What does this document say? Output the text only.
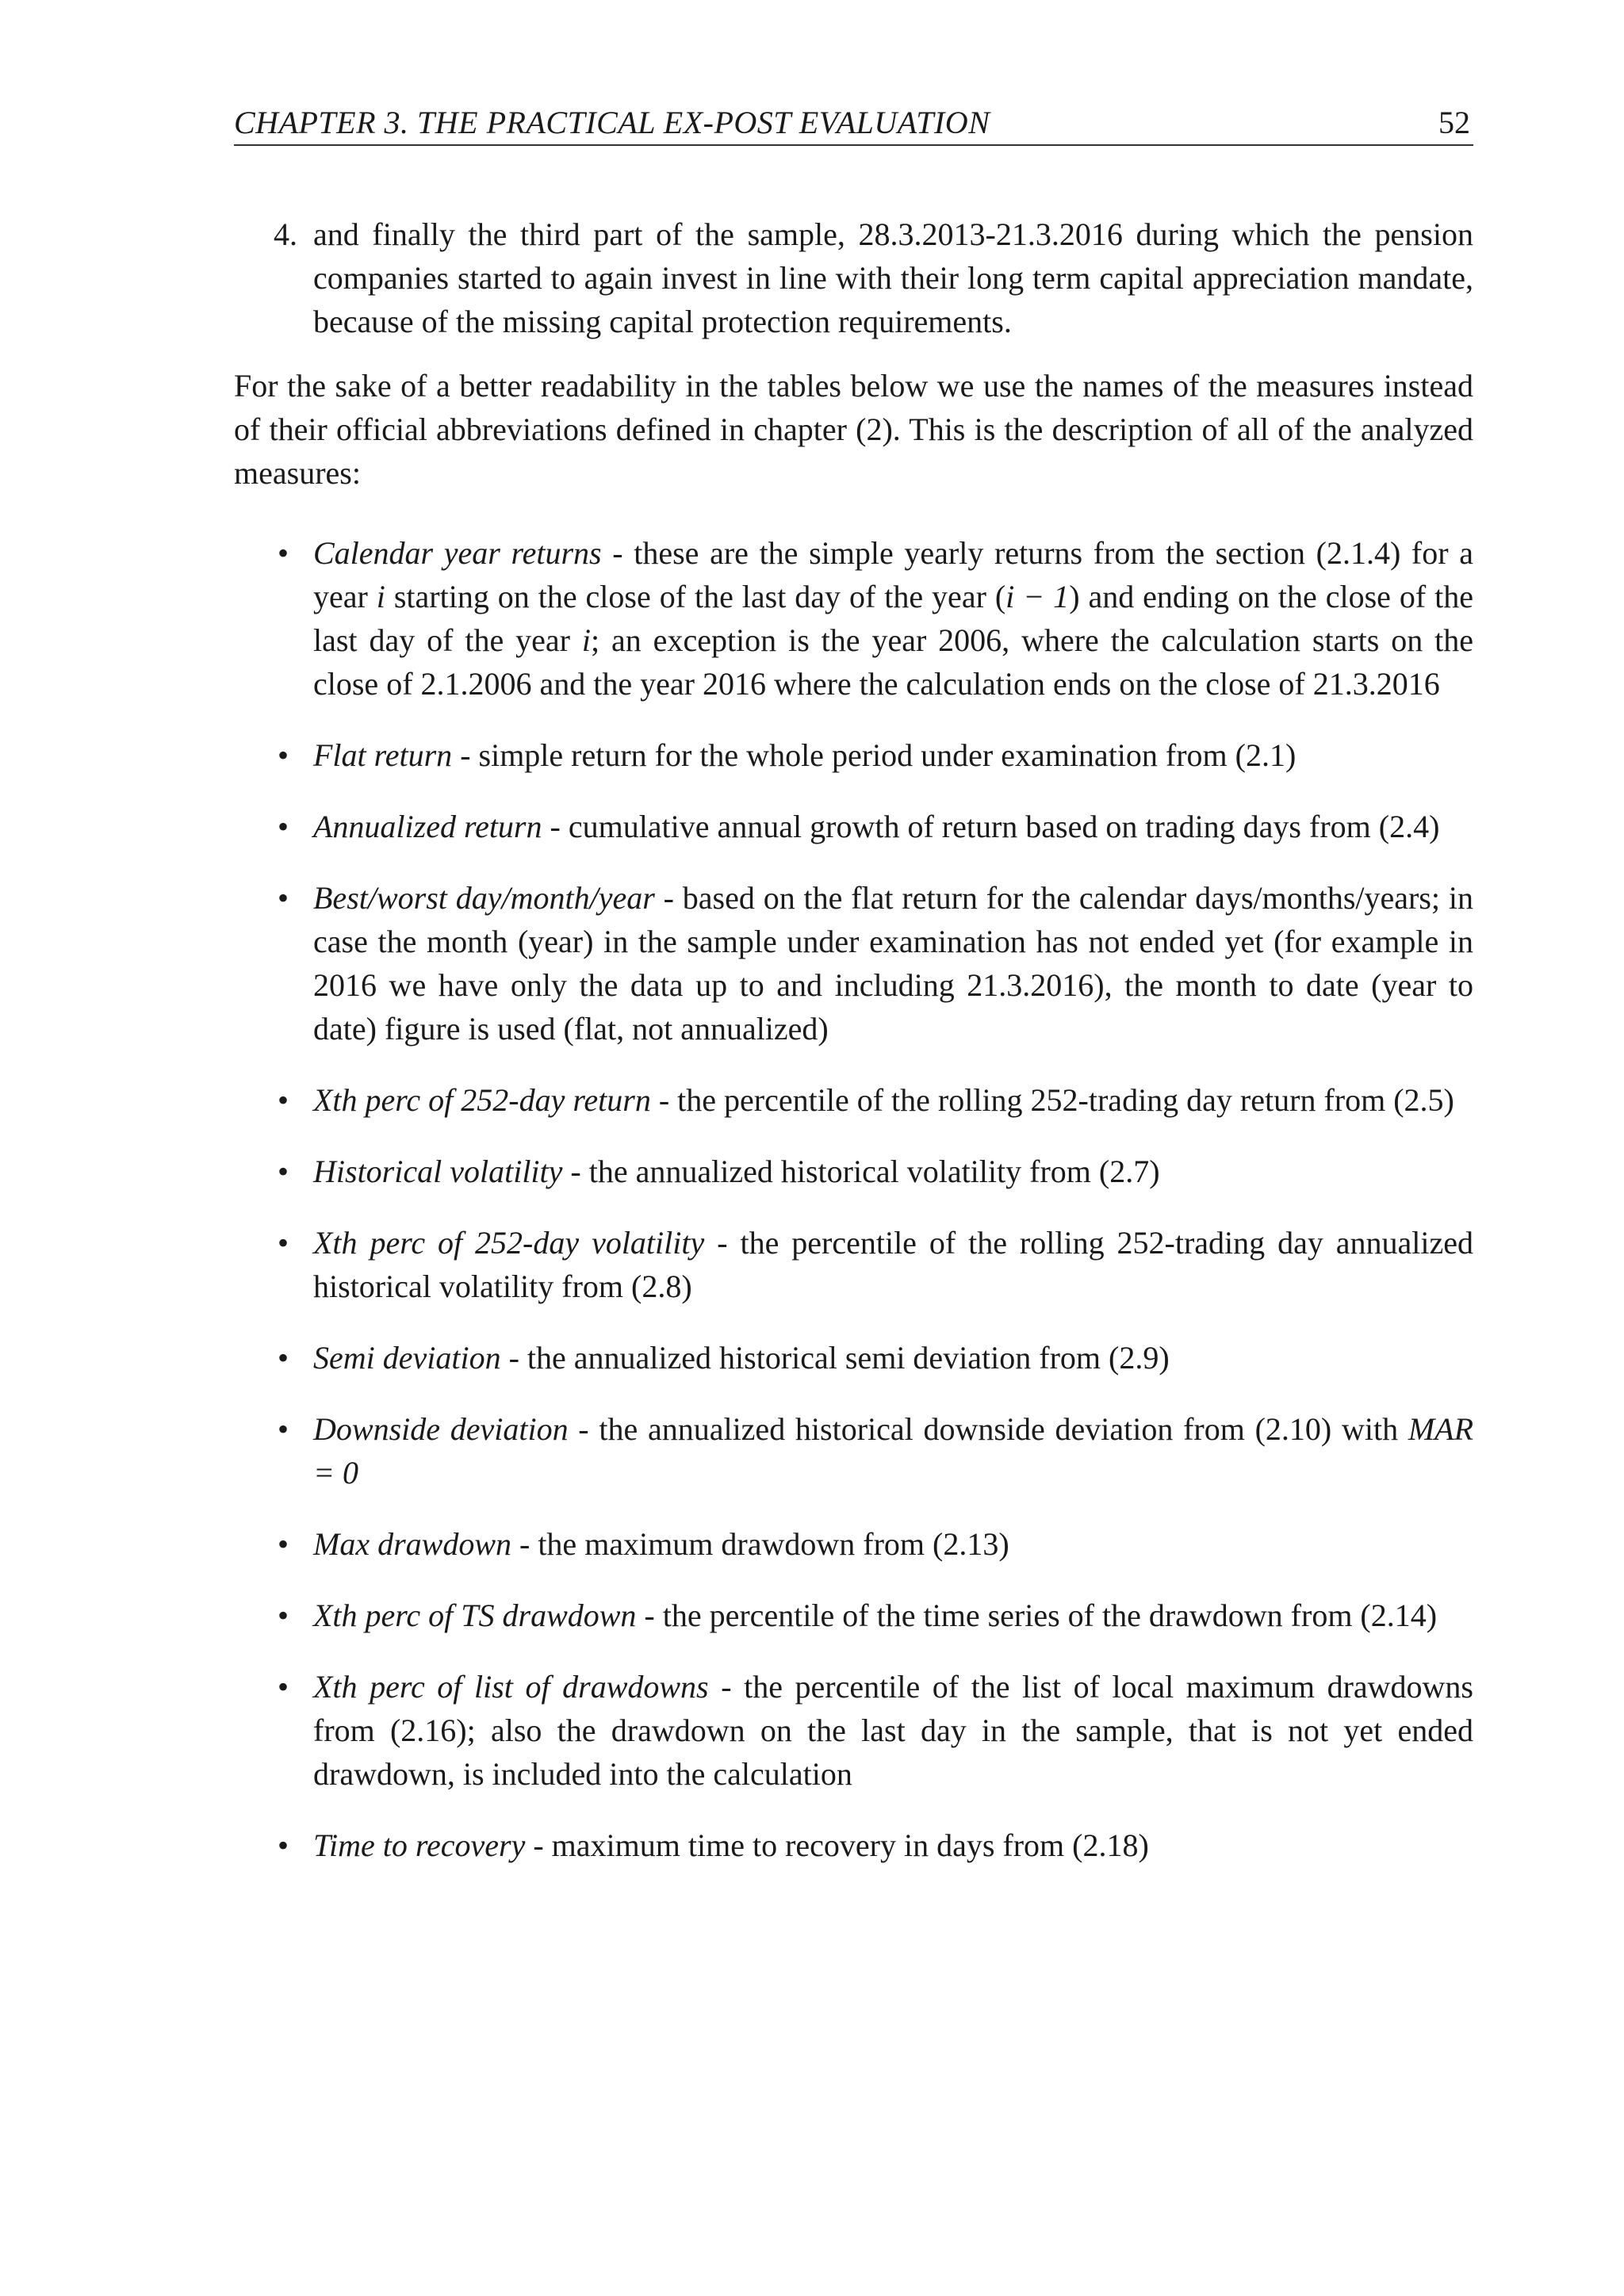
CHAPTER 3. THE PRACTICAL EX-POST EVALUATION	52

4. and finally the third part of the sample, 28.3.2013-21.3.2016 during which the pension companies started to again invest in line with their long term capital appreciation mandate, because of the missing capital protection requirements.

For the sake of a better readability in the tables below we use the names of the measures instead of their official abbreviations defined in chapter (2). This is the description of all of the analyzed measures:

• Calendar year returns - these are the simple yearly returns from the section (2.1.4) for a year i starting on the close of the last day of the year (i − 1) and ending on the close of the last day of the year i; an exception is the year 2006, where the calculation starts on the close of 2.1.2006 and the year 2016 where the calculation ends on the close of 21.3.2016
• Flat return - simple return for the whole period under examination from (2.1)
• Annualized return - cumulative annual growth of return based on trading days from (2.4)
• Best/worst day/month/year - based on the flat return for the calendar days/months/years; in case the month (year) in the sample under examination has not ended yet (for example in 2016 we have only the data up to and including 21.3.2016), the month to date (year to date) figure is used (flat, not annualized)
• Xth perc of 252-day return - the percentile of the rolling 252-trading day return from (2.5)
• Historical volatility - the annualized historical volatility from (2.7)
• Xth perc of 252-day volatility - the percentile of the rolling 252-trading day annualized historical volatility from (2.8)
• Semi deviation - the annualized historical semi deviation from (2.9)
• Downside deviation - the annualized historical downside deviation from (2.10) with MAR = 0
• Max drawdown - the maximum drawdown from (2.13)
• Xth perc of TS drawdown - the percentile of the time series of the drawdown from (2.14)
• Xth perc of list of drawdowns - the percentile of the list of local maximum drawdowns from (2.16); also the drawdown on the last day in the sample, that is not yet ended drawdown, is included into the calculation
• Time to recovery - maximum time to recovery in days from (2.18)
